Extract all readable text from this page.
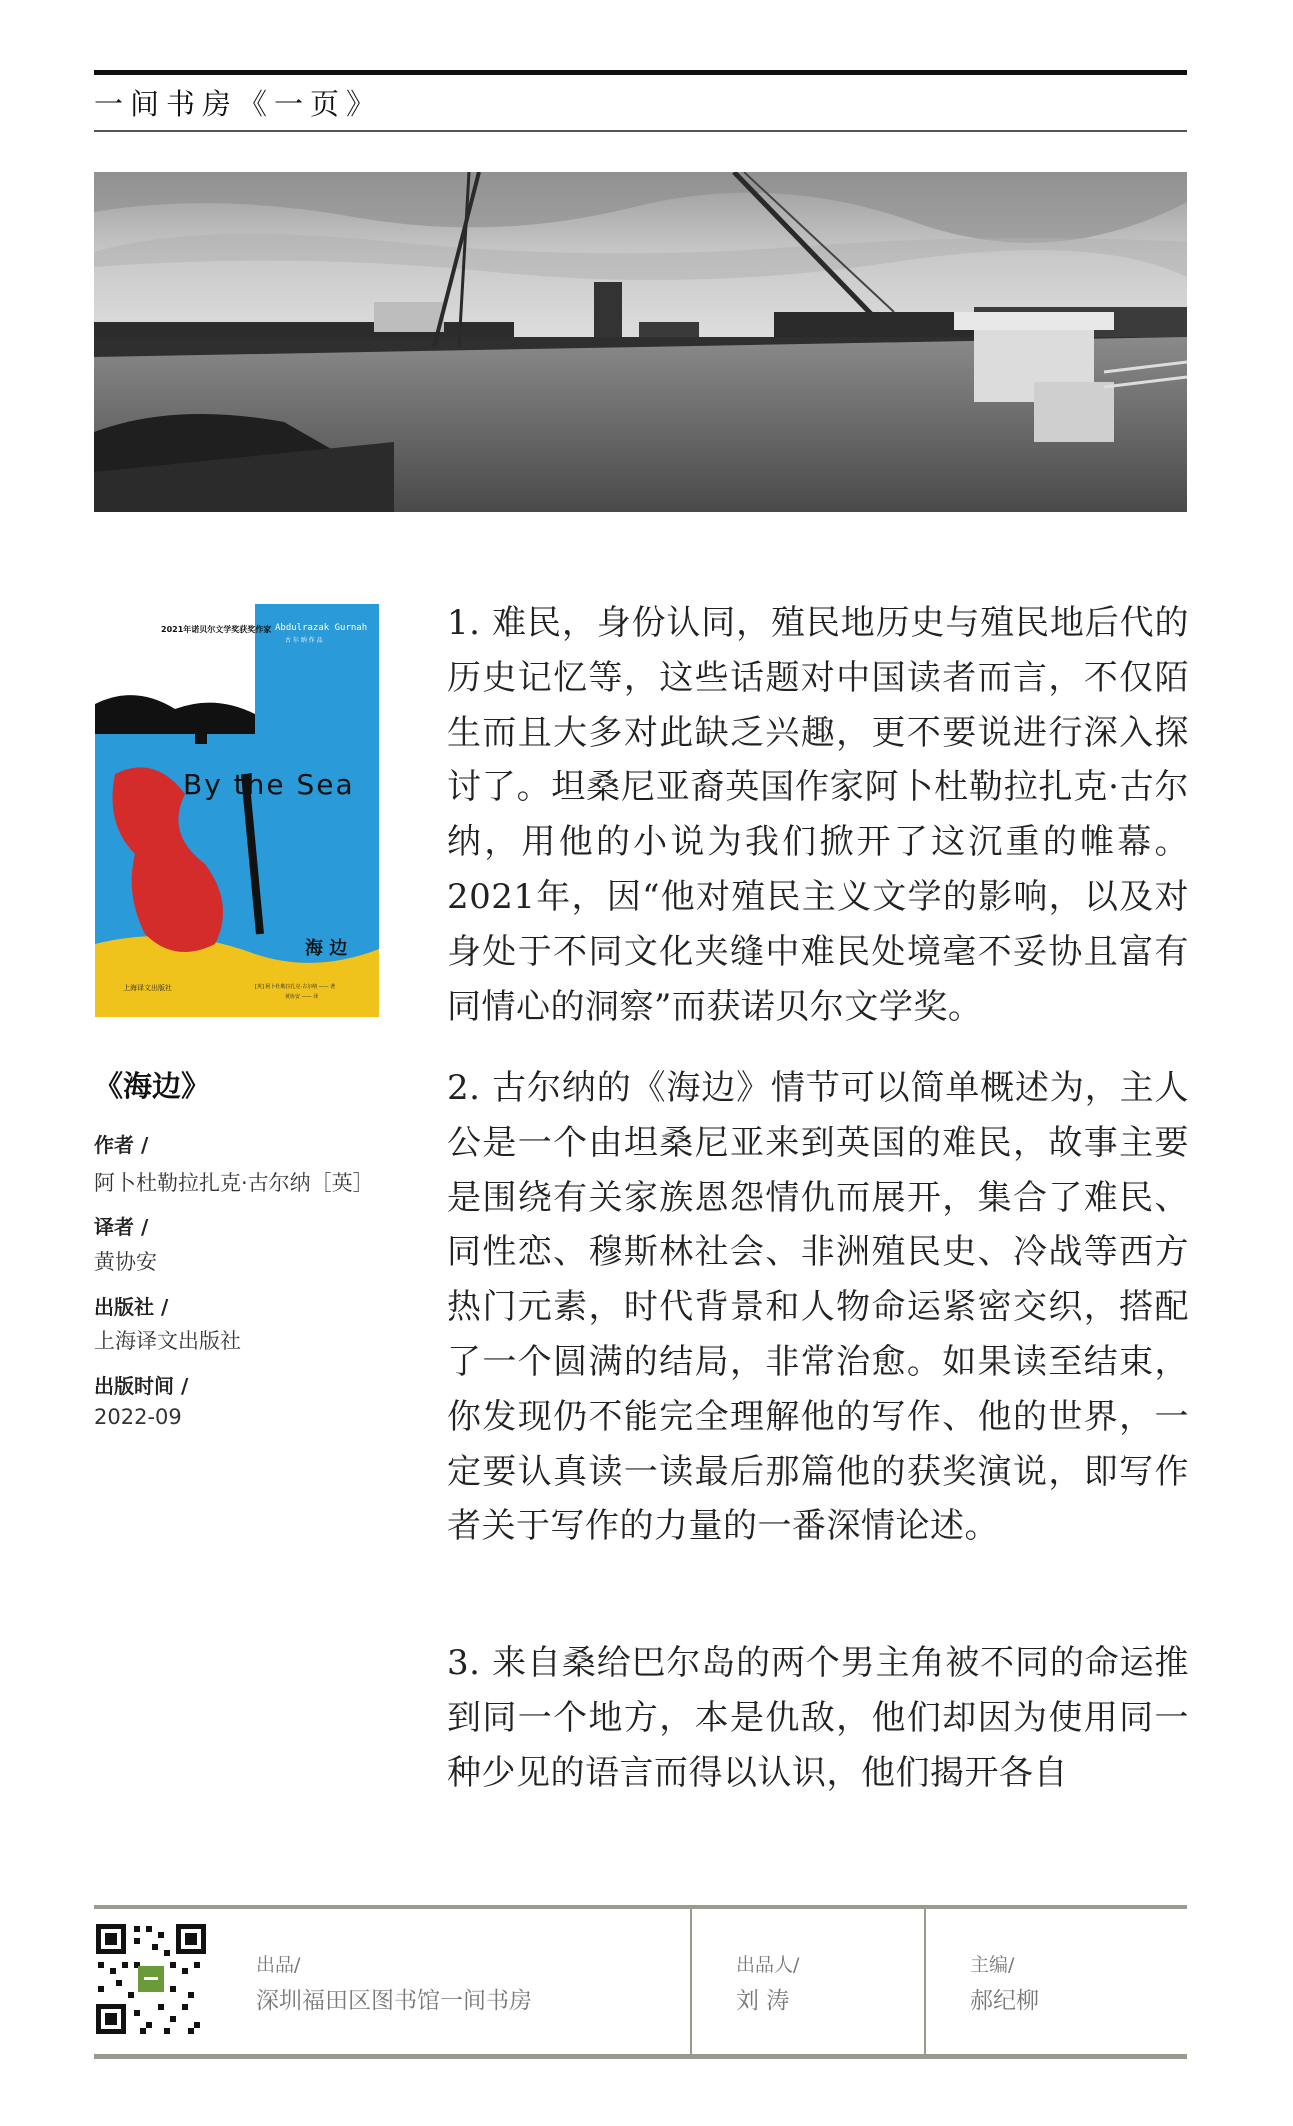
一间书房《一页》
2021年诺贝尔文学奖获奖作家 Abdulrazak Gurnah
古 尔 纳 作 品
By the Sea
海 边
[英] 阿卜杜勒拉扎克·古尔纳 —— 著
黄协安 —— 译
上海译文出版社
《海边》
作者 /
阿卜杜勒拉扎克·古尔纳［英］
译者 /
黄协安
出版社 /
上海译文出版社
出版时间 /
2022-09
1. 难民，身份认同，殖民地历史与殖民地后代的历史记忆等，这些话题对中国读者而言，不仅陌生而且大多对此缺乏兴趣，更不要说进行深入探讨了。坦桑尼亚裔英国作家阿卜杜勒拉扎克·古尔纳，用他的小说为我们掀开了这沉重的帷幕。2021年，因“他对殖民主义文学的影响，以及对身处于不同文化夹缝中难民处境毫不妥协且富有同情心的洞察”而获诺贝尔文学奖。
2. 古尔纳的《海边》情节可以简单概述为，主人公是一个由坦桑尼亚来到英国的难民，故事主要是围绕有关家族恩怨情仇而展开，集合了难民、同性恋、穆斯林社会、非洲殖民史、冷战等西方热门元素，时代背景和人物命运紧密交织，搭配了一个圆满的结局，非常治愈。如果读至结束，你发现仍不能完全理解他的写作、他的世界，一定要认真读一读最后那篇他的获奖演说，即写作者关于写作的力量的一番深情论述。
3. 来自桑给巴尔岛的两个男主角被不同的命运推到同一个地方，本是仇敌，他们却因为使用同一种少见的语言而得以认识，他们揭开各自
出品/
深圳福田区图书馆一间书房
出品人/
刘 涛
主编/
郝纪柳
